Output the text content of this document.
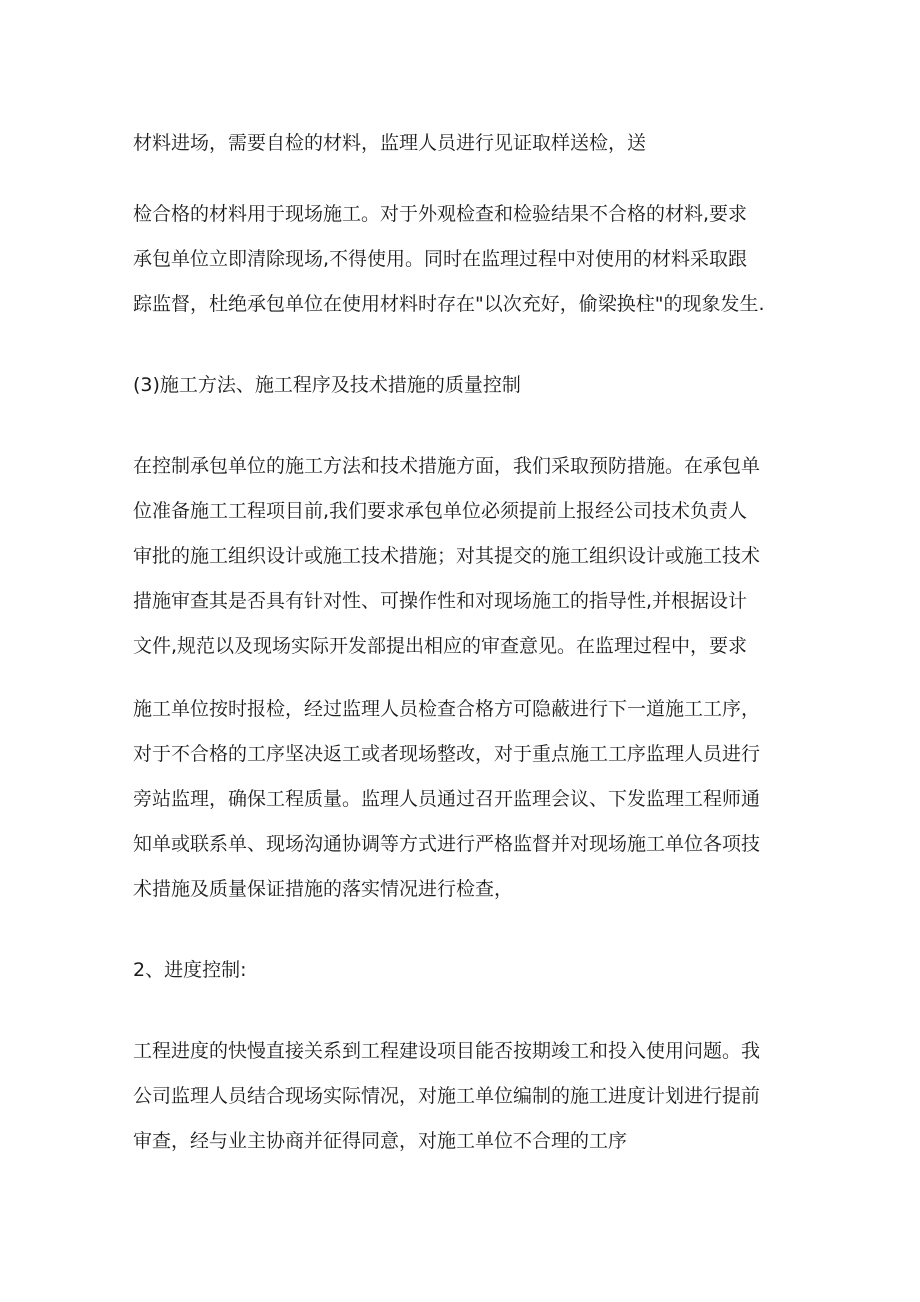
材料进场，需要自检的材料，监理人员进行见证取样送检，送
检合格的材料用于现场施工。对于外观检查和检验结果不合格的材料,要求
承包单位立即清除现场,不得使用。同时在监理过程中对使用的材料采取跟
踪监督，杜绝承包单位在使用材料时存在"以次充好，偷梁换柱"的现象发生.
(3)施工方法、施工程序及技术措施的质量控制
在控制承包单位的施工方法和技术措施方面，我们采取预防措施。在承包单
位准备施工工程项目前,我们要求承包单位必须提前上报经公司技术负责人
审批的施工组织设计或施工技术措施；对其提交的施工组织设计或施工技术
措施审查其是否具有针对性、可操作性和对现场施工的指导性,并根据设计
文件,规范以及现场实际开发部提出相应的审查意见。在监理过程中，要求
施工单位按时报检，经过监理人员检查合格方可隐蔽进行下一道施工工序，
对于不合格的工序坚决返工或者现场整改，对于重点施工工序监理人员进行
旁站监理，确保工程质量。监理人员通过召开监理会议、下发监理工程师通
知单或联系单、现场沟通协调等方式进行严格监督并对现场施工单位各项技
术措施及质量保证措施的落实情况进行检查，
2、进度控制:
工程进度的快慢直接关系到工程建设项目能否按期竣工和投入使用问题。我
公司监理人员结合现场实际情况，对施工单位编制的施工进度计划进行提前
审查，经与业主协商并征得同意，对施工单位不合理的工序
